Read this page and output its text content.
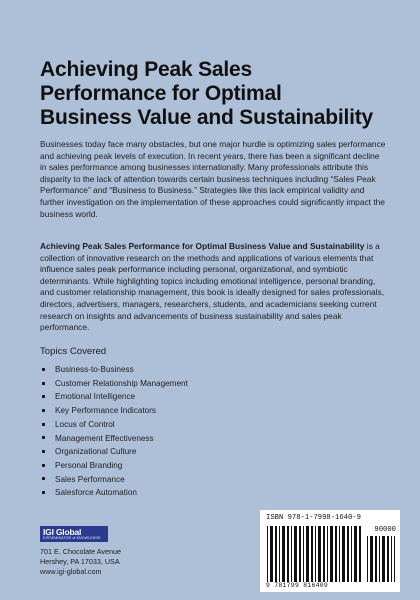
Achieving Peak Sales
Performance for Optimal
Business Value and Sustainability
Businesses today face many obstacles, but one major hurdle is optimizing sales performance and achieving peak levels of execution. In recent years, there has been a significant decline in sales performance among businesses internationally. Many professionals attribute this disparity to the lack of attention towards certain business techniques including “Sales Peak Performance” and “Business to Business.” Strategies like this lack empirical validity and further investigation on the implementation of these approaches could significantly impact the business world.
Achieving Peak Sales Performance for Optimal Business Value and Sustainability is a collection of innovative research on the methods and applications of various elements that influence sales peak performance including personal, organizational, and symbiotic determinants. While highlighting topics including emotional intelligence, personal branding, and customer relationship management, this book is ideally designed for sales professionals, directors, advertisers, managers, researchers, students, and academicians seeking current research on insights and advancements of business sustainability and sales peak performance.
Topics Covered
Business-to-Business
Customer Relationship Management
Emotional Intelligence
Key Performance Indicators
Locus of Control
Management Effectiveness
Organizational Culture
Personal Branding
Sales Performance
Salesforce Automation
IGI Global
DISSEMINATOR of KNOWLEDGE
701 E. Chocolate Avenue
Hershey, PA 17033, USA
www.igi-global.com
ISBN 978-1-7998-1640-9
90000
9 781799 816409
